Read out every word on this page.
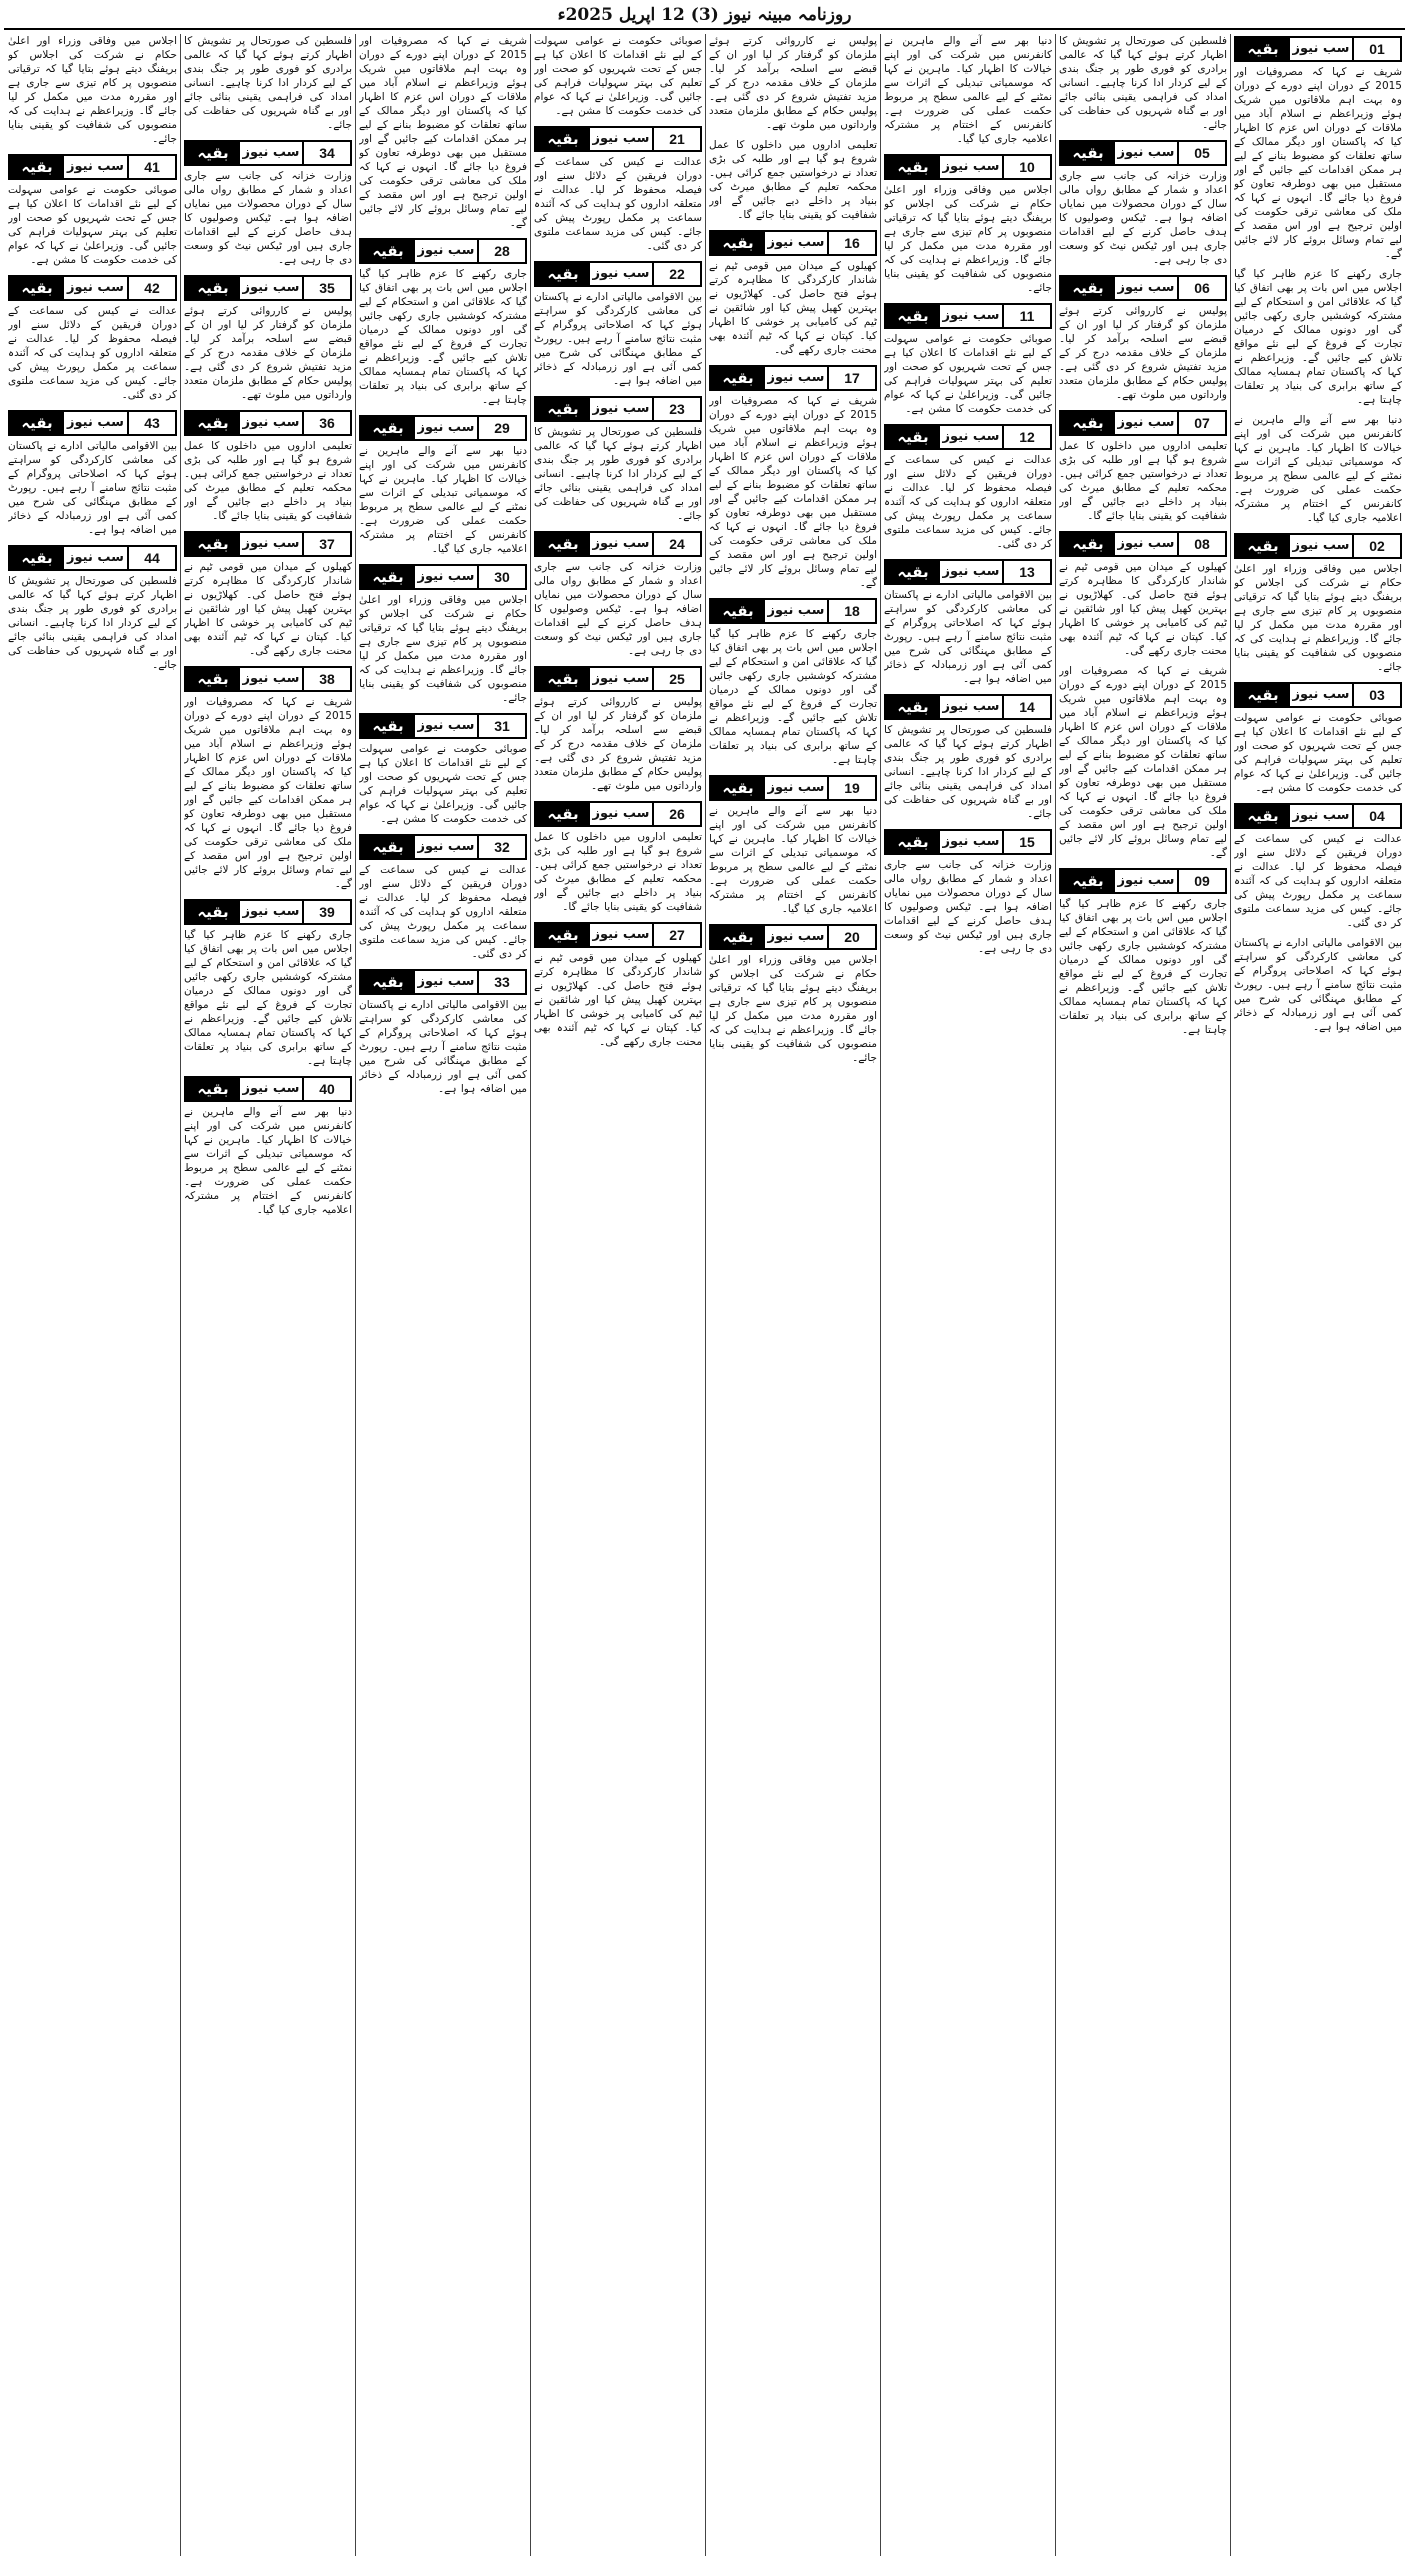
روزنامہ مبینہ نیوز (3) 12 اپریل 2025ء
01
سب نیوز
بقیہ

شریف نے کہا کہ مصروفیات اور 2015 کے دوران اپنے دورے کے دوران وہ بہت اہم ملاقاتوں میں شریک ہوئے وزیراعظم نے اسلام آباد میں ملاقات کے دوران اس عزم کا اظہار کیا کہ پاکستان اور دیگر ممالک کے ساتھ تعلقات کو مضبوط بنانے کے لیے ہر ممکن اقدامات کیے جائیں گے اور مستقبل میں بھی دوطرفہ تعاون کو فروغ دیا جائے گا۔ انہوں نے کہا کہ ملک کی معاشی ترقی حکومت کی اولین ترجیح ہے اور اس مقصد کے لیے تمام وسائل بروئے کار لائے جائیں گے۔

جاری رکھنے کا عزم ظاہر کیا گیا اجلاس میں اس بات پر بھی اتفاق کیا گیا کہ علاقائی امن و استحکام کے لیے مشترکہ کوششیں جاری رکھی جائیں گی اور دونوں ممالک کے درمیان تجارت کے فروغ کے لیے نئے مواقع تلاش کیے جائیں گے۔ وزیراعظم نے کہا کہ پاکستان تمام ہمسایہ ممالک کے ساتھ برابری کی بنیاد پر تعلقات چاہتا ہے۔

دنیا بھر سے آنے والے ماہرین نے کانفرنس میں شرکت کی اور اپنے خیالات کا اظہار کیا۔ ماہرین نے کہا کہ موسمیاتی تبدیلی کے اثرات سے نمٹنے کے لیے عالمی سطح پر مربوط حکمت عملی کی ضرورت ہے۔ کانفرنس کے اختتام پر مشترکہ اعلامیہ جاری کیا گیا۔

02
سب نیوز
بقیہ

اجلاس میں وفاقی وزراء اور اعلیٰ حکام نے شرکت کی اجلاس کو بریفنگ دیتے ہوئے بتایا گیا کہ ترقیاتی منصوبوں پر کام تیزی سے جاری ہے اور مقررہ مدت میں مکمل کر لیا جائے گا۔ وزیراعظم نے ہدایت کی کہ منصوبوں کی شفافیت کو یقینی بنایا جائے۔

03
سب نیوز
بقیہ

صوبائی حکومت نے عوامی سہولت کے لیے نئے اقدامات کا اعلان کیا ہے جس کے تحت شہریوں کو صحت اور تعلیم کی بہتر سہولیات فراہم کی جائیں گی۔ وزیراعلیٰ نے کہا کہ عوام کی خدمت حکومت کا مشن ہے۔

04
سب نیوز
بقیہ

عدالت نے کیس کی سماعت کے دوران فریقین کے دلائل سنے اور فیصلہ محفوظ کر لیا۔ عدالت نے متعلقہ اداروں کو ہدایت کی کہ آئندہ سماعت پر مکمل رپورٹ پیش کی جائے۔ کیس کی مزید سماعت ملتوی کر دی گئی۔

بین الاقوامی مالیاتی ادارے نے پاکستان کی معاشی کارکردگی کو سراہتے ہوئے کہا کہ اصلاحاتی پروگرام کے مثبت نتائج سامنے آ رہے ہیں۔ رپورٹ کے مطابق مہنگائی کی شرح میں کمی آئی ہے اور زرمبادلہ کے ذخائر میں اضافہ ہوا ہے۔

فلسطین کی صورتحال پر تشویش کا اظہار کرتے ہوئے کہا گیا کہ عالمی برادری کو فوری طور پر جنگ بندی کے لیے کردار ادا کرنا چاہیے۔ انسانی امداد کی فراہمی یقینی بنائی جائے اور بے گناہ شہریوں کی حفاظت کی جائے۔

05
سب نیوز
بقیہ

وزارت خزانہ کی جانب سے جاری اعداد و شمار کے مطابق رواں مالی سال کے دوران محصولات میں نمایاں اضافہ ہوا ہے۔ ٹیکس وصولیوں کا ہدف حاصل کرنے کے لیے اقدامات جاری ہیں اور ٹیکس نیٹ کو وسعت دی جا رہی ہے۔

06
سب نیوز
بقیہ

پولیس نے کارروائی کرتے ہوئے ملزمان کو گرفتار کر لیا اور ان کے قبضے سے اسلحہ برآمد کر لیا۔ ملزمان کے خلاف مقدمہ درج کر کے مزید تفتیش شروع کر دی گئی ہے۔ پولیس حکام کے مطابق ملزمان متعدد وارداتوں میں ملوث تھے۔

07
سب نیوز
بقیہ

تعلیمی اداروں میں داخلوں کا عمل شروع ہو گیا ہے اور طلبہ کی بڑی تعداد نے درخواستیں جمع کرائی ہیں۔ محکمہ تعلیم کے مطابق میرٹ کی بنیاد پر داخلے دیے جائیں گے اور شفافیت کو یقینی بنایا جائے گا۔

08
سب نیوز
بقیہ

کھیلوں کے میدان میں قومی ٹیم نے شاندار کارکردگی کا مظاہرہ کرتے ہوئے فتح حاصل کی۔ کھلاڑیوں نے بہترین کھیل پیش کیا اور شائقین نے ٹیم کی کامیابی پر خوشی کا اظہار کیا۔ کپتان نے کہا کہ ٹیم آئندہ بھی محنت جاری رکھے گی۔

شریف نے کہا کہ مصروفیات اور 2015 کے دوران اپنے دورے کے دوران وہ بہت اہم ملاقاتوں میں شریک ہوئے وزیراعظم نے اسلام آباد میں ملاقات کے دوران اس عزم کا اظہار کیا کہ پاکستان اور دیگر ممالک کے ساتھ تعلقات کو مضبوط بنانے کے لیے ہر ممکن اقدامات کیے جائیں گے اور مستقبل میں بھی دوطرفہ تعاون کو فروغ دیا جائے گا۔ انہوں نے کہا کہ ملک کی معاشی ترقی حکومت کی اولین ترجیح ہے اور اس مقصد کے لیے تمام وسائل بروئے کار لائے جائیں گے۔

09
سب نیوز
بقیہ

جاری رکھنے کا عزم ظاہر کیا گیا اجلاس میں اس بات پر بھی اتفاق کیا گیا کہ علاقائی امن و استحکام کے لیے مشترکہ کوششیں جاری رکھی جائیں گی اور دونوں ممالک کے درمیان تجارت کے فروغ کے لیے نئے مواقع تلاش کیے جائیں گے۔ وزیراعظم نے کہا کہ پاکستان تمام ہمسایہ ممالک کے ساتھ برابری کی بنیاد پر تعلقات چاہتا ہے۔

دنیا بھر سے آنے والے ماہرین نے کانفرنس میں شرکت کی اور اپنے خیالات کا اظہار کیا۔ ماہرین نے کہا کہ موسمیاتی تبدیلی کے اثرات سے نمٹنے کے لیے عالمی سطح پر مربوط حکمت عملی کی ضرورت ہے۔ کانفرنس کے اختتام پر مشترکہ اعلامیہ جاری کیا گیا۔

10
سب نیوز
بقیہ

اجلاس میں وفاقی وزراء اور اعلیٰ حکام نے شرکت کی اجلاس کو بریفنگ دیتے ہوئے بتایا گیا کہ ترقیاتی منصوبوں پر کام تیزی سے جاری ہے اور مقررہ مدت میں مکمل کر لیا جائے گا۔ وزیراعظم نے ہدایت کی کہ منصوبوں کی شفافیت کو یقینی بنایا جائے۔

11
سب نیوز
بقیہ

صوبائی حکومت نے عوامی سہولت کے لیے نئے اقدامات کا اعلان کیا ہے جس کے تحت شہریوں کو صحت اور تعلیم کی بہتر سہولیات فراہم کی جائیں گی۔ وزیراعلیٰ نے کہا کہ عوام کی خدمت حکومت کا مشن ہے۔

12
سب نیوز
بقیہ

عدالت نے کیس کی سماعت کے دوران فریقین کے دلائل سنے اور فیصلہ محفوظ کر لیا۔ عدالت نے متعلقہ اداروں کو ہدایت کی کہ آئندہ سماعت پر مکمل رپورٹ پیش کی جائے۔ کیس کی مزید سماعت ملتوی کر دی گئی۔

13
سب نیوز
بقیہ

بین الاقوامی مالیاتی ادارے نے پاکستان کی معاشی کارکردگی کو سراہتے ہوئے کہا کہ اصلاحاتی پروگرام کے مثبت نتائج سامنے آ رہے ہیں۔ رپورٹ کے مطابق مہنگائی کی شرح میں کمی آئی ہے اور زرمبادلہ کے ذخائر میں اضافہ ہوا ہے۔

14
سب نیوز
بقیہ

فلسطین کی صورتحال پر تشویش کا اظہار کرتے ہوئے کہا گیا کہ عالمی برادری کو فوری طور پر جنگ بندی کے لیے کردار ادا کرنا چاہیے۔ انسانی امداد کی فراہمی یقینی بنائی جائے اور بے گناہ شہریوں کی حفاظت کی جائے۔

15
سب نیوز
بقیہ

وزارت خزانہ کی جانب سے جاری اعداد و شمار کے مطابق رواں مالی سال کے دوران محصولات میں نمایاں اضافہ ہوا ہے۔ ٹیکس وصولیوں کا ہدف حاصل کرنے کے لیے اقدامات جاری ہیں اور ٹیکس نیٹ کو وسعت دی جا رہی ہے۔

پولیس نے کارروائی کرتے ہوئے ملزمان کو گرفتار کر لیا اور ان کے قبضے سے اسلحہ برآمد کر لیا۔ ملزمان کے خلاف مقدمہ درج کر کے مزید تفتیش شروع کر دی گئی ہے۔ پولیس حکام کے مطابق ملزمان متعدد وارداتوں میں ملوث تھے۔

تعلیمی اداروں میں داخلوں کا عمل شروع ہو گیا ہے اور طلبہ کی بڑی تعداد نے درخواستیں جمع کرائی ہیں۔ محکمہ تعلیم کے مطابق میرٹ کی بنیاد پر داخلے دیے جائیں گے اور شفافیت کو یقینی بنایا جائے گا۔

16
سب نیوز
بقیہ

کھیلوں کے میدان میں قومی ٹیم نے شاندار کارکردگی کا مظاہرہ کرتے ہوئے فتح حاصل کی۔ کھلاڑیوں نے بہترین کھیل پیش کیا اور شائقین نے ٹیم کی کامیابی پر خوشی کا اظہار کیا۔ کپتان نے کہا کہ ٹیم آئندہ بھی محنت جاری رکھے گی۔

17
سب نیوز
بقیہ

شریف نے کہا کہ مصروفیات اور 2015 کے دوران اپنے دورے کے دوران وہ بہت اہم ملاقاتوں میں شریک ہوئے وزیراعظم نے اسلام آباد میں ملاقات کے دوران اس عزم کا اظہار کیا کہ پاکستان اور دیگر ممالک کے ساتھ تعلقات کو مضبوط بنانے کے لیے ہر ممکن اقدامات کیے جائیں گے اور مستقبل میں بھی دوطرفہ تعاون کو فروغ دیا جائے گا۔ انہوں نے کہا کہ ملک کی معاشی ترقی حکومت کی اولین ترجیح ہے اور اس مقصد کے لیے تمام وسائل بروئے کار لائے جائیں گے۔

18
سب نیوز
بقیہ

جاری رکھنے کا عزم ظاہر کیا گیا اجلاس میں اس بات پر بھی اتفاق کیا گیا کہ علاقائی امن و استحکام کے لیے مشترکہ کوششیں جاری رکھی جائیں گی اور دونوں ممالک کے درمیان تجارت کے فروغ کے لیے نئے مواقع تلاش کیے جائیں گے۔ وزیراعظم نے کہا کہ پاکستان تمام ہمسایہ ممالک کے ساتھ برابری کی بنیاد پر تعلقات چاہتا ہے۔

19
سب نیوز
بقیہ

دنیا بھر سے آنے والے ماہرین نے کانفرنس میں شرکت کی اور اپنے خیالات کا اظہار کیا۔ ماہرین نے کہا کہ موسمیاتی تبدیلی کے اثرات سے نمٹنے کے لیے عالمی سطح پر مربوط حکمت عملی کی ضرورت ہے۔ کانفرنس کے اختتام پر مشترکہ اعلامیہ جاری کیا گیا۔

20
سب نیوز
بقیہ

اجلاس میں وفاقی وزراء اور اعلیٰ حکام نے شرکت کی اجلاس کو بریفنگ دیتے ہوئے بتایا گیا کہ ترقیاتی منصوبوں پر کام تیزی سے جاری ہے اور مقررہ مدت میں مکمل کر لیا جائے گا۔ وزیراعظم نے ہدایت کی کہ منصوبوں کی شفافیت کو یقینی بنایا جائے۔

صوبائی حکومت نے عوامی سہولت کے لیے نئے اقدامات کا اعلان کیا ہے جس کے تحت شہریوں کو صحت اور تعلیم کی بہتر سہولیات فراہم کی جائیں گی۔ وزیراعلیٰ نے کہا کہ عوام کی خدمت حکومت کا مشن ہے۔

21
سب نیوز
بقیہ

عدالت نے کیس کی سماعت کے دوران فریقین کے دلائل سنے اور فیصلہ محفوظ کر لیا۔ عدالت نے متعلقہ اداروں کو ہدایت کی کہ آئندہ سماعت پر مکمل رپورٹ پیش کی جائے۔ کیس کی مزید سماعت ملتوی کر دی گئی۔

22
سب نیوز
بقیہ

بین الاقوامی مالیاتی ادارے نے پاکستان کی معاشی کارکردگی کو سراہتے ہوئے کہا کہ اصلاحاتی پروگرام کے مثبت نتائج سامنے آ رہے ہیں۔ رپورٹ کے مطابق مہنگائی کی شرح میں کمی آئی ہے اور زرمبادلہ کے ذخائر میں اضافہ ہوا ہے۔

23
سب نیوز
بقیہ

فلسطین کی صورتحال پر تشویش کا اظہار کرتے ہوئے کہا گیا کہ عالمی برادری کو فوری طور پر جنگ بندی کے لیے کردار ادا کرنا چاہیے۔ انسانی امداد کی فراہمی یقینی بنائی جائے اور بے گناہ شہریوں کی حفاظت کی جائے۔

24
سب نیوز
بقیہ

وزارت خزانہ کی جانب سے جاری اعداد و شمار کے مطابق رواں مالی سال کے دوران محصولات میں نمایاں اضافہ ہوا ہے۔ ٹیکس وصولیوں کا ہدف حاصل کرنے کے لیے اقدامات جاری ہیں اور ٹیکس نیٹ کو وسعت دی جا رہی ہے۔

25
سب نیوز
بقیہ

پولیس نے کارروائی کرتے ہوئے ملزمان کو گرفتار کر لیا اور ان کے قبضے سے اسلحہ برآمد کر لیا۔ ملزمان کے خلاف مقدمہ درج کر کے مزید تفتیش شروع کر دی گئی ہے۔ پولیس حکام کے مطابق ملزمان متعدد وارداتوں میں ملوث تھے۔

26
سب نیوز
بقیہ

تعلیمی اداروں میں داخلوں کا عمل شروع ہو گیا ہے اور طلبہ کی بڑی تعداد نے درخواستیں جمع کرائی ہیں۔ محکمہ تعلیم کے مطابق میرٹ کی بنیاد پر داخلے دیے جائیں گے اور شفافیت کو یقینی بنایا جائے گا۔

27
سب نیوز
بقیہ

کھیلوں کے میدان میں قومی ٹیم نے شاندار کارکردگی کا مظاہرہ کرتے ہوئے فتح حاصل کی۔ کھلاڑیوں نے بہترین کھیل پیش کیا اور شائقین نے ٹیم کی کامیابی پر خوشی کا اظہار کیا۔ کپتان نے کہا کہ ٹیم آئندہ بھی محنت جاری رکھے گی۔

شریف نے کہا کہ مصروفیات اور 2015 کے دوران اپنے دورے کے دوران وہ بہت اہم ملاقاتوں میں شریک ہوئے وزیراعظم نے اسلام آباد میں ملاقات کے دوران اس عزم کا اظہار کیا کہ پاکستان اور دیگر ممالک کے ساتھ تعلقات کو مضبوط بنانے کے لیے ہر ممکن اقدامات کیے جائیں گے اور مستقبل میں بھی دوطرفہ تعاون کو فروغ دیا جائے گا۔ انہوں نے کہا کہ ملک کی معاشی ترقی حکومت کی اولین ترجیح ہے اور اس مقصد کے لیے تمام وسائل بروئے کار لائے جائیں گے۔

28
سب نیوز
بقیہ

جاری رکھنے کا عزم ظاہر کیا گیا اجلاس میں اس بات پر بھی اتفاق کیا گیا کہ علاقائی امن و استحکام کے لیے مشترکہ کوششیں جاری رکھی جائیں گی اور دونوں ممالک کے درمیان تجارت کے فروغ کے لیے نئے مواقع تلاش کیے جائیں گے۔ وزیراعظم نے کہا کہ پاکستان تمام ہمسایہ ممالک کے ساتھ برابری کی بنیاد پر تعلقات چاہتا ہے۔

29
سب نیوز
بقیہ

دنیا بھر سے آنے والے ماہرین نے کانفرنس میں شرکت کی اور اپنے خیالات کا اظہار کیا۔ ماہرین نے کہا کہ موسمیاتی تبدیلی کے اثرات سے نمٹنے کے لیے عالمی سطح پر مربوط حکمت عملی کی ضرورت ہے۔ کانفرنس کے اختتام پر مشترکہ اعلامیہ جاری کیا گیا۔

30
سب نیوز
بقیہ

اجلاس میں وفاقی وزراء اور اعلیٰ حکام نے شرکت کی اجلاس کو بریفنگ دیتے ہوئے بتایا گیا کہ ترقیاتی منصوبوں پر کام تیزی سے جاری ہے اور مقررہ مدت میں مکمل کر لیا جائے گا۔ وزیراعظم نے ہدایت کی کہ منصوبوں کی شفافیت کو یقینی بنایا جائے۔

31
سب نیوز
بقیہ

صوبائی حکومت نے عوامی سہولت کے لیے نئے اقدامات کا اعلان کیا ہے جس کے تحت شہریوں کو صحت اور تعلیم کی بہتر سہولیات فراہم کی جائیں گی۔ وزیراعلیٰ نے کہا کہ عوام کی خدمت حکومت کا مشن ہے۔

32
سب نیوز
بقیہ

عدالت نے کیس کی سماعت کے دوران فریقین کے دلائل سنے اور فیصلہ محفوظ کر لیا۔ عدالت نے متعلقہ اداروں کو ہدایت کی کہ آئندہ سماعت پر مکمل رپورٹ پیش کی جائے۔ کیس کی مزید سماعت ملتوی کر دی گئی۔

33
سب نیوز
بقیہ

بین الاقوامی مالیاتی ادارے نے پاکستان کی معاشی کارکردگی کو سراہتے ہوئے کہا کہ اصلاحاتی پروگرام کے مثبت نتائج سامنے آ رہے ہیں۔ رپورٹ کے مطابق مہنگائی کی شرح میں کمی آئی ہے اور زرمبادلہ کے ذخائر میں اضافہ ہوا ہے۔

فلسطین کی صورتحال پر تشویش کا اظہار کرتے ہوئے کہا گیا کہ عالمی برادری کو فوری طور پر جنگ بندی کے لیے کردار ادا کرنا چاہیے۔ انسانی امداد کی فراہمی یقینی بنائی جائے اور بے گناہ شہریوں کی حفاظت کی جائے۔

34
سب نیوز
بقیہ

وزارت خزانہ کی جانب سے جاری اعداد و شمار کے مطابق رواں مالی سال کے دوران محصولات میں نمایاں اضافہ ہوا ہے۔ ٹیکس وصولیوں کا ہدف حاصل کرنے کے لیے اقدامات جاری ہیں اور ٹیکس نیٹ کو وسعت دی جا رہی ہے۔

35
سب نیوز
بقیہ

پولیس نے کارروائی کرتے ہوئے ملزمان کو گرفتار کر لیا اور ان کے قبضے سے اسلحہ برآمد کر لیا۔ ملزمان کے خلاف مقدمہ درج کر کے مزید تفتیش شروع کر دی گئی ہے۔ پولیس حکام کے مطابق ملزمان متعدد وارداتوں میں ملوث تھے۔

36
سب نیوز
بقیہ

تعلیمی اداروں میں داخلوں کا عمل شروع ہو گیا ہے اور طلبہ کی بڑی تعداد نے درخواستیں جمع کرائی ہیں۔ محکمہ تعلیم کے مطابق میرٹ کی بنیاد پر داخلے دیے جائیں گے اور شفافیت کو یقینی بنایا جائے گا۔

37
سب نیوز
بقیہ

کھیلوں کے میدان میں قومی ٹیم نے شاندار کارکردگی کا مظاہرہ کرتے ہوئے فتح حاصل کی۔ کھلاڑیوں نے بہترین کھیل پیش کیا اور شائقین نے ٹیم کی کامیابی پر خوشی کا اظہار کیا۔ کپتان نے کہا کہ ٹیم آئندہ بھی محنت جاری رکھے گی۔

38
سب نیوز
بقیہ

شریف نے کہا کہ مصروفیات اور 2015 کے دوران اپنے دورے کے دوران وہ بہت اہم ملاقاتوں میں شریک ہوئے وزیراعظم نے اسلام آباد میں ملاقات کے دوران اس عزم کا اظہار کیا کہ پاکستان اور دیگر ممالک کے ساتھ تعلقات کو مضبوط بنانے کے لیے ہر ممکن اقدامات کیے جائیں گے اور مستقبل میں بھی دوطرفہ تعاون کو فروغ دیا جائے گا۔ انہوں نے کہا کہ ملک کی معاشی ترقی حکومت کی اولین ترجیح ہے اور اس مقصد کے لیے تمام وسائل بروئے کار لائے جائیں گے۔

39
سب نیوز
بقیہ

جاری رکھنے کا عزم ظاہر کیا گیا اجلاس میں اس بات پر بھی اتفاق کیا گیا کہ علاقائی امن و استحکام کے لیے مشترکہ کوششیں جاری رکھی جائیں گی اور دونوں ممالک کے درمیان تجارت کے فروغ کے لیے نئے مواقع تلاش کیے جائیں گے۔ وزیراعظم نے کہا کہ پاکستان تمام ہمسایہ ممالک کے ساتھ برابری کی بنیاد پر تعلقات چاہتا ہے۔

40
سب نیوز
بقیہ

دنیا بھر سے آنے والے ماہرین نے کانفرنس میں شرکت کی اور اپنے خیالات کا اظہار کیا۔ ماہرین نے کہا کہ موسمیاتی تبدیلی کے اثرات سے نمٹنے کے لیے عالمی سطح پر مربوط حکمت عملی کی ضرورت ہے۔ کانفرنس کے اختتام پر مشترکہ اعلامیہ جاری کیا گیا۔

اجلاس میں وفاقی وزراء اور اعلیٰ حکام نے شرکت کی اجلاس کو بریفنگ دیتے ہوئے بتایا گیا کہ ترقیاتی منصوبوں پر کام تیزی سے جاری ہے اور مقررہ مدت میں مکمل کر لیا جائے گا۔ وزیراعظم نے ہدایت کی کہ منصوبوں کی شفافیت کو یقینی بنایا جائے۔

41
سب نیوز
بقیہ

صوبائی حکومت نے عوامی سہولت کے لیے نئے اقدامات کا اعلان کیا ہے جس کے تحت شہریوں کو صحت اور تعلیم کی بہتر سہولیات فراہم کی جائیں گی۔ وزیراعلیٰ نے کہا کہ عوام کی خدمت حکومت کا مشن ہے۔

42
سب نیوز
بقیہ

عدالت نے کیس کی سماعت کے دوران فریقین کے دلائل سنے اور فیصلہ محفوظ کر لیا۔ عدالت نے متعلقہ اداروں کو ہدایت کی کہ آئندہ سماعت پر مکمل رپورٹ پیش کی جائے۔ کیس کی مزید سماعت ملتوی کر دی گئی۔

43
سب نیوز
بقیہ

بین الاقوامی مالیاتی ادارے نے پاکستان کی معاشی کارکردگی کو سراہتے ہوئے کہا کہ اصلاحاتی پروگرام کے مثبت نتائج سامنے آ رہے ہیں۔ رپورٹ کے مطابق مہنگائی کی شرح میں کمی آئی ہے اور زرمبادلہ کے ذخائر میں اضافہ ہوا ہے۔

44
سب نیوز
بقیہ

فلسطین کی صورتحال پر تشویش کا اظہار کرتے ہوئے کہا گیا کہ عالمی برادری کو فوری طور پر جنگ بندی کے لیے کردار ادا کرنا چاہیے۔ انسانی امداد کی فراہمی یقینی بنائی جائے اور بے گناہ شہریوں کی حفاظت کی جائے۔
